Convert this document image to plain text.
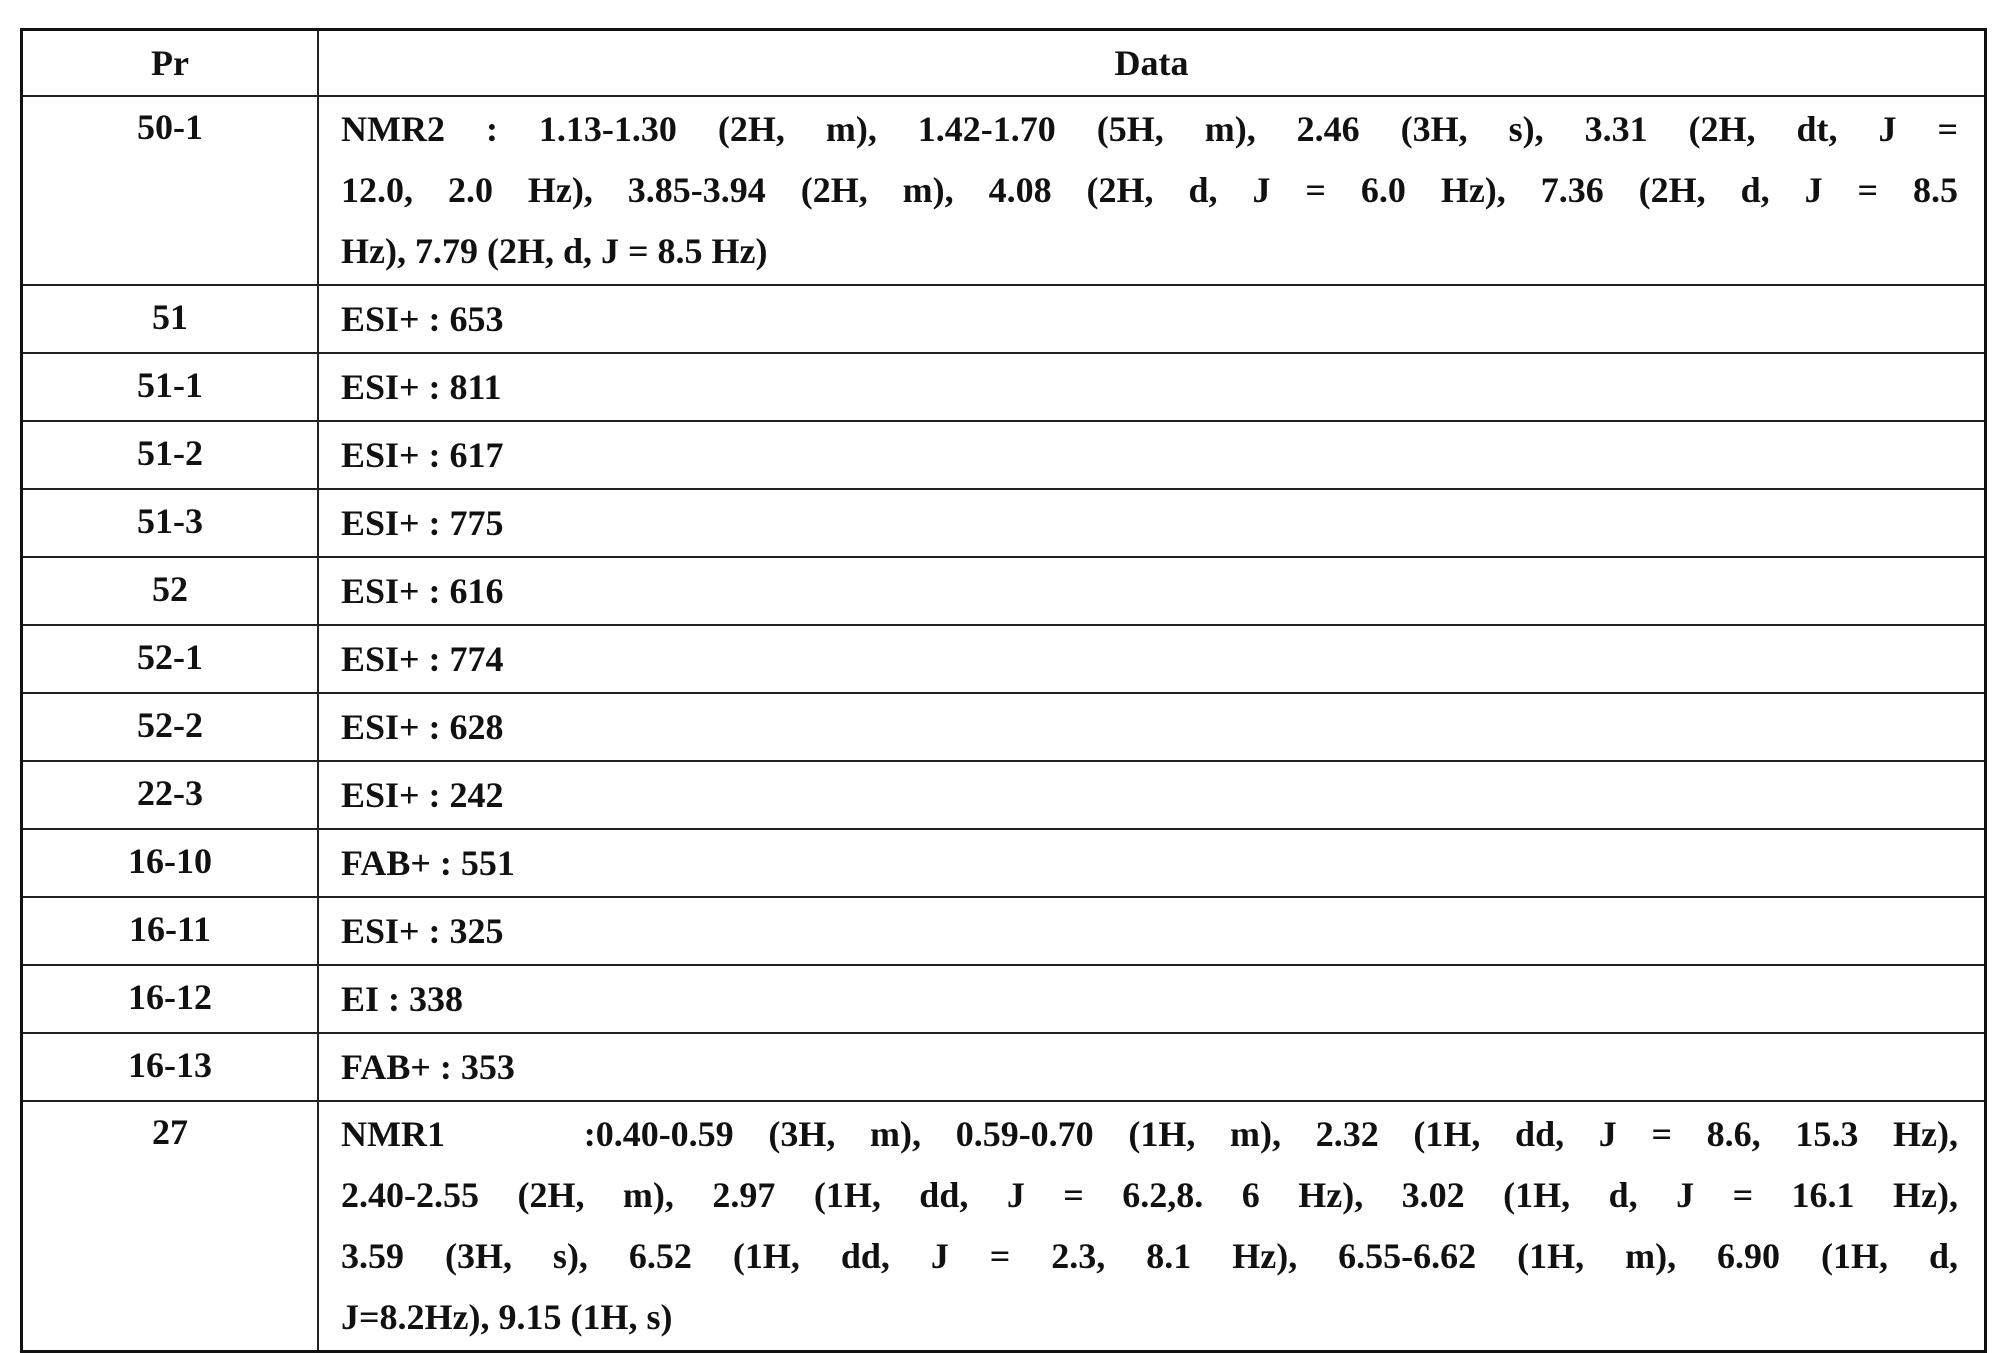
Pr	Data
50-1	NMR2 : 1.13-1.30 (2H, m), 1.42-1.70 (5H, m), 2.46 (3H, s), 3.31 (2H, dt, J =
12.0, 2.0 Hz), 3.85-3.94 (2H, m), 4.08 (2H, d, J = 6.0 Hz), 7.36 (2H, d, J = 8.5
Hz), 7.79 (2H, d, J = 8.5 Hz)

51	ESI+ : 653

51-1	ESI+ : 811

51-2	ESI+ : 617

51-3	ESI+ : 775

52	ESI+ : 616

52-1	ESI+ : 774

52-2	ESI+ : 628

22-3	ESI+ : 242

16-10	FAB+ : 551

16-11	ESI+ : 325

16-12	EI : 338

16-13	FAB+ : 353

27	NMR1    :0.40-0.59 (3H, m), 0.59-0.70 (1H, m), 2.32 (1H, dd, J = 8.6, 15.3 Hz),
2.40-2.55 (2H, m), 2.97 (1H, dd, J = 6.2,8. 6 Hz), 3.02 (1H, d, J = 16.1 Hz),
3.59 (3H, s), 6.52 (1H, dd, J = 2.3, 8.1 Hz), 6.55-6.62 (1H, m), 6.90 (1H, d,
J=8.2Hz), 9.15 (1H, s)
